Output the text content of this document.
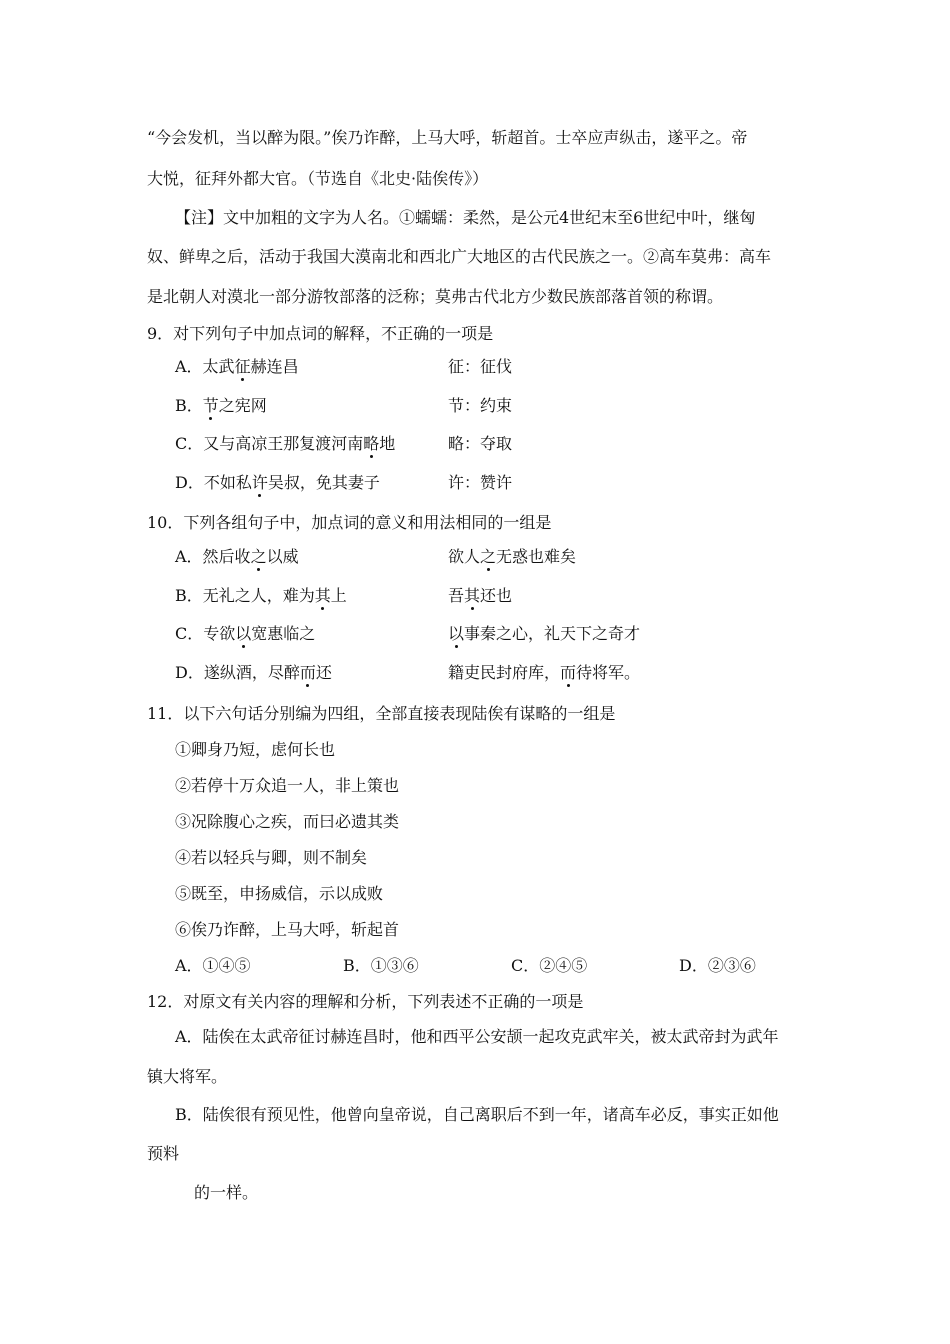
“今会发机，当以醉为限。”俟乃诈醉，上马大呼，斩超首。士卒应声纵击，遂平之。帝
大悦，征拜外都大官。（节选自《北史·陆俟传》）
【注】文中加粗的文字为人名。①蠕蠕：柔然，是公元4世纪末至6世纪中叶，继匈
奴、鲜卑之后，活动于我国大漠南北和西北广大地区的古代民族之一。②高车莫弗：高车
是北朝人对漠北一部分游牧部落的泛称；莫弗古代北方少数民族部落首领的称谓。
9．对下列句子中加点词的解释，不正确的一项是
A．太武征赫连昌	征：征伐
B．节之宪网	节：约束
C．又与高凉王那复渡河南略地	略：夺取
D．不如私许吴叔，免其妻子	许：赞许
10．下列各组句子中，加点词的意义和用法相同的一组是
A．然后收之以威	欲人之无惑也难矣
B．无礼之人，难为其上	吾其还也
C．专欲以宽惠临之	以事秦之心，礼天下之奇才
D．遂纵酒，尽醉而还	籍吏民封府库，而待将军。
11．以下六句话分别编为四组，全部直接表现陆俟有谋略的一组是
①卿身乃短，虑何长也
②若停十万众追一人，非上策也
③况除腹心之疾，而曰必遗其类
④若以轻兵与卿，则不制矣
⑤既至，申扬威信，示以成败
⑥俟乃诈醉，上马大呼，斩起首
A．①④⑤	B．①③⑥	C．②④⑤	D．②③⑥
12．对原文有关内容的理解和分析，下列表述不正确的一项是
A．陆俟在太武帝征讨赫连昌时，他和西平公安颉一起攻克武牢关，被太武帝封为武年
镇大将军。
B．陆俟很有预见性，他曾向皇帝说，自己离职后不到一年，诸高车必反，事实正如他
预料
的一样。
